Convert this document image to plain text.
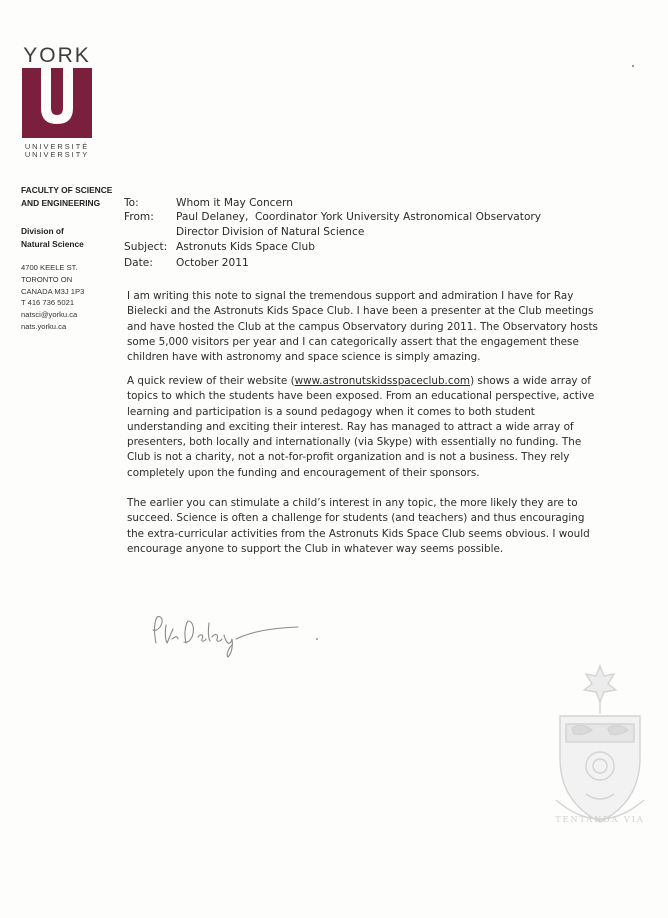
YORK
UNIVERSITÉ
UNIVERSITY
FACULTY OF SCIENCE
AND ENGINEERING
Division of
Natural Science
4700 KEELE ST.
TORONTO ON
CANADA M3J 1P3
T 416 736 5021
natsci@yorku.ca
nats.yorku.ca
To:	Whom it May Concern
From: Paul Delaney, Coordinator York University Astronomical Observatory
Director Division of Natural Science
Subject: Astronuts Kids Space Club
Date: October 2011
I am writing this note to signal the tremendous support and admiration I have for Ray
Bielecki and the Astronuts Kids Space Club. I have been a presenter at the Club meetings
and have hosted the Club at the campus Observatory during 2011. The Observatory hosts
some 5,000 visitors per year and I can categorically assert that the engagement these
children have with astronomy and space science is simply amazing.
A quick review of their website (www.astronutskidsspaceclub.com) shows a wide array of
topics to which the students have been exposed. From an educational perspective, active
learning and participation is a sound pedagogy when it comes to both student
understanding and exciting their interest. Ray has managed to attract a wide array of
presenters, both locally and internationally (via Skype) with essentially no funding. The
Club is not a charity, not a not-for-profit organization and is not a business. They rely
completely upon the funding and encouragement of their sponsors.
The earlier you can stimulate a child’s interest in any topic, the more likely they are to
succeed. Science is often a challenge for students (and teachers) and thus encouraging
the extra-curricular activities from the Astronuts Kids Space Club seems obvious. I would
encourage anyone to support the Club in whatever way seems possible.
TENTANDA VIA
